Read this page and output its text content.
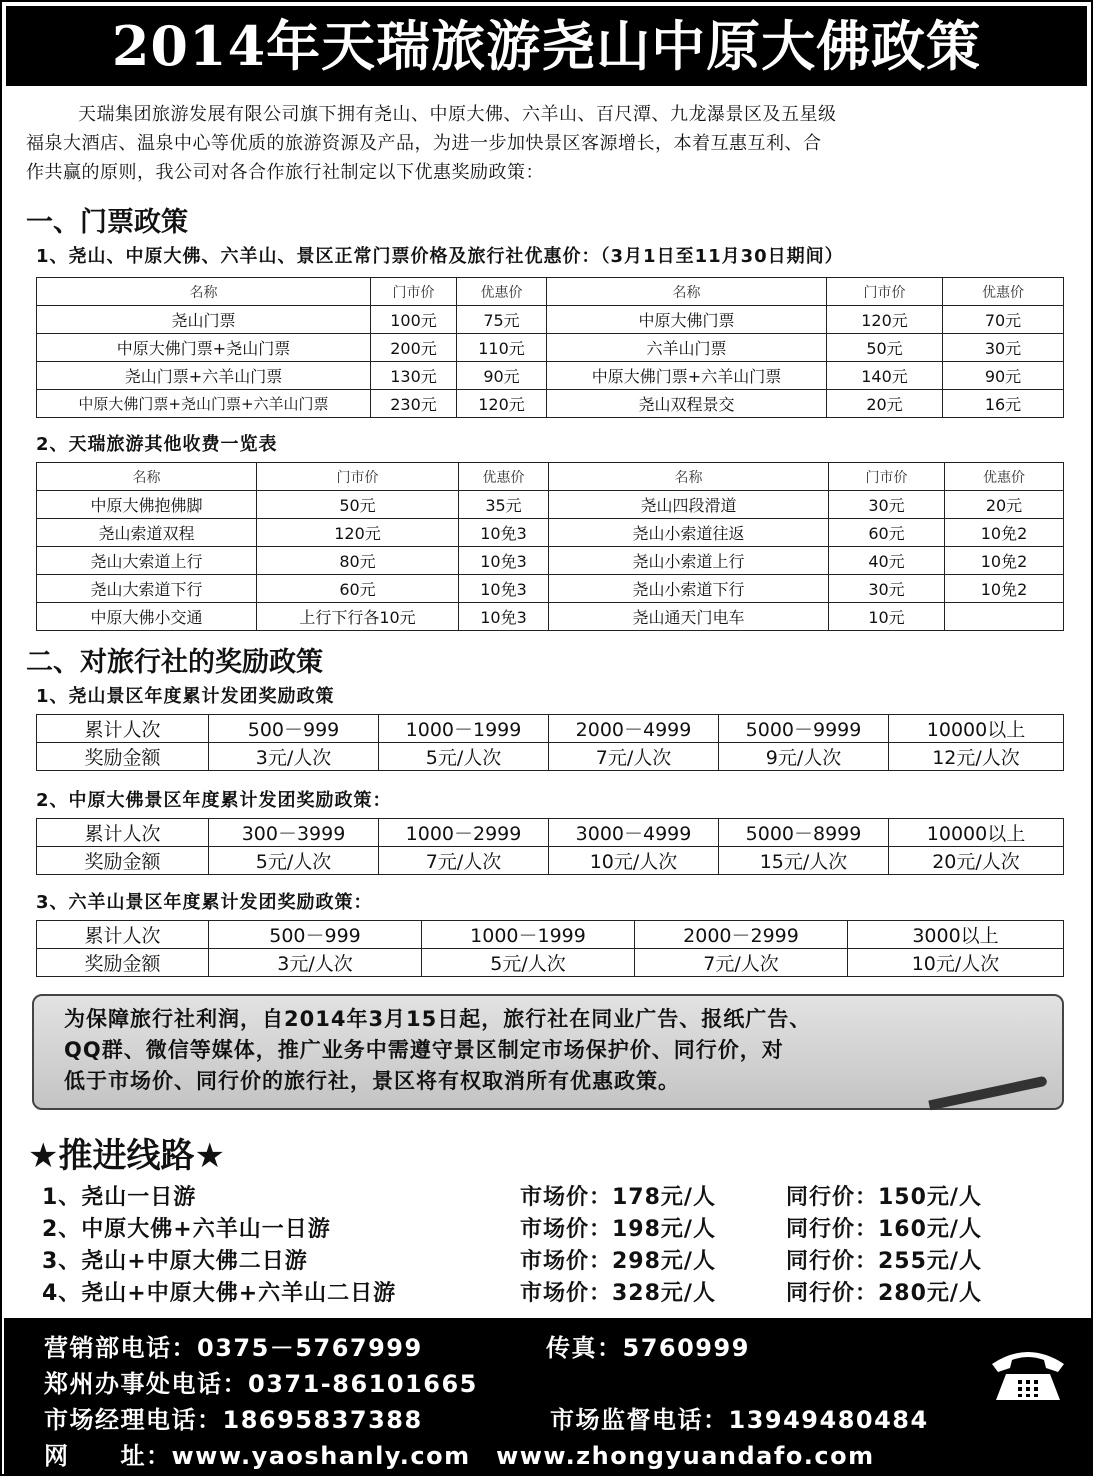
2014年天瑞旅游尧山中原大佛政策

天瑞集团旅游发展有限公司旗下拥有尧山、中原大佛、六羊山、百尺潭、九龙瀑景区及五星级

福泉大酒店、温泉中心等优质的旅游资源及产品，为进一步加快景区客源增长，本着互惠互利、合
作共赢的原则，我公司对各合作旅行社制定以下优惠奖励政策：
一、门票政策
1、尧山、中原大佛、六羊山、景区正常门票价格及旅行社优惠价：（3月1日至11月30日期间）
名称	门市价	优惠价	名称	门市价	优惠价
尧山门票	100元	75元	中原大佛门票	120元	70元
中原大佛门票+尧山门票	200元	110元	六羊山门票	50元	30元
尧山门票+六羊山门票	130元	90元	中原大佛门票+六羊山门票	140元	90元
中原大佛门票+尧山门票+六羊山门票	230元	120元	尧山双程景交	20元	16元
2、天瑞旅游其他收费一览表
名称	门市价	优惠价	名称	门市价	优惠价
中原大佛抱佛脚	50元	35元	尧山四段滑道	30元	20元
尧山索道双程	120元	10免3	尧山小索道往返	60元	10免2
尧山大索道上行	80元	10免3	尧山小索道上行	40元	10免2
尧山大索道下行	60元	10免3	尧山小索道下行	30元	10免2
中原大佛小交通	上行下行各10元	10免3	尧山通天门电车	10元	
二、对旅行社的奖励政策
1、尧山景区年度累计发团奖励政策
累计人次	500－999	1000－1999	2000－4999	5000－9999	10000以上
奖励金额	3元/人次	5元/人次	7元/人次	9元/人次	12元/人次
2、中原大佛景区年度累计发团奖励政策：
累计人次	300－3999	1000－2999	3000－4999	5000－8999	10000以上
奖励金额	5元/人次	7元/人次	10元/人次	15元/人次	20元/人次
3、六羊山景区年度累计发团奖励政策：
累计人次	500－999	1000－1999	2000－2999	3000以上
奖励金额	3元/人次	5元/人次	7元/人次	10元/人次
为保障旅行社利润，自2014年3月15日起，旅行社在同业广告、报纸广告、
QQ群、微信等媒体，推广业务中需遵守景区制定市场保护价、同行价，对
低于市场价、同行价的旅行社，景区将有权取消所有优惠政策。
★推进线路★
1、尧山一日游	市场价：178元/人	同行价：150元/人
2、中原大佛+六羊山一日游	市场价：198元/人	同行价：160元/人
3、尧山+中原大佛二日游	市场价：298元/人	同行价：255元/人
4、尧山+中原大佛+六羊山二日游	市场价：328元/人	同行价：280元/人
营销部电话：0375－5767999	传真：5760999
郑州办事处电话：0371-86101665
市场经理电话：18695837388	市场监督电话：13949480484
网　　址：www.yaoshanly.com　www.zhongyuandafo.com
